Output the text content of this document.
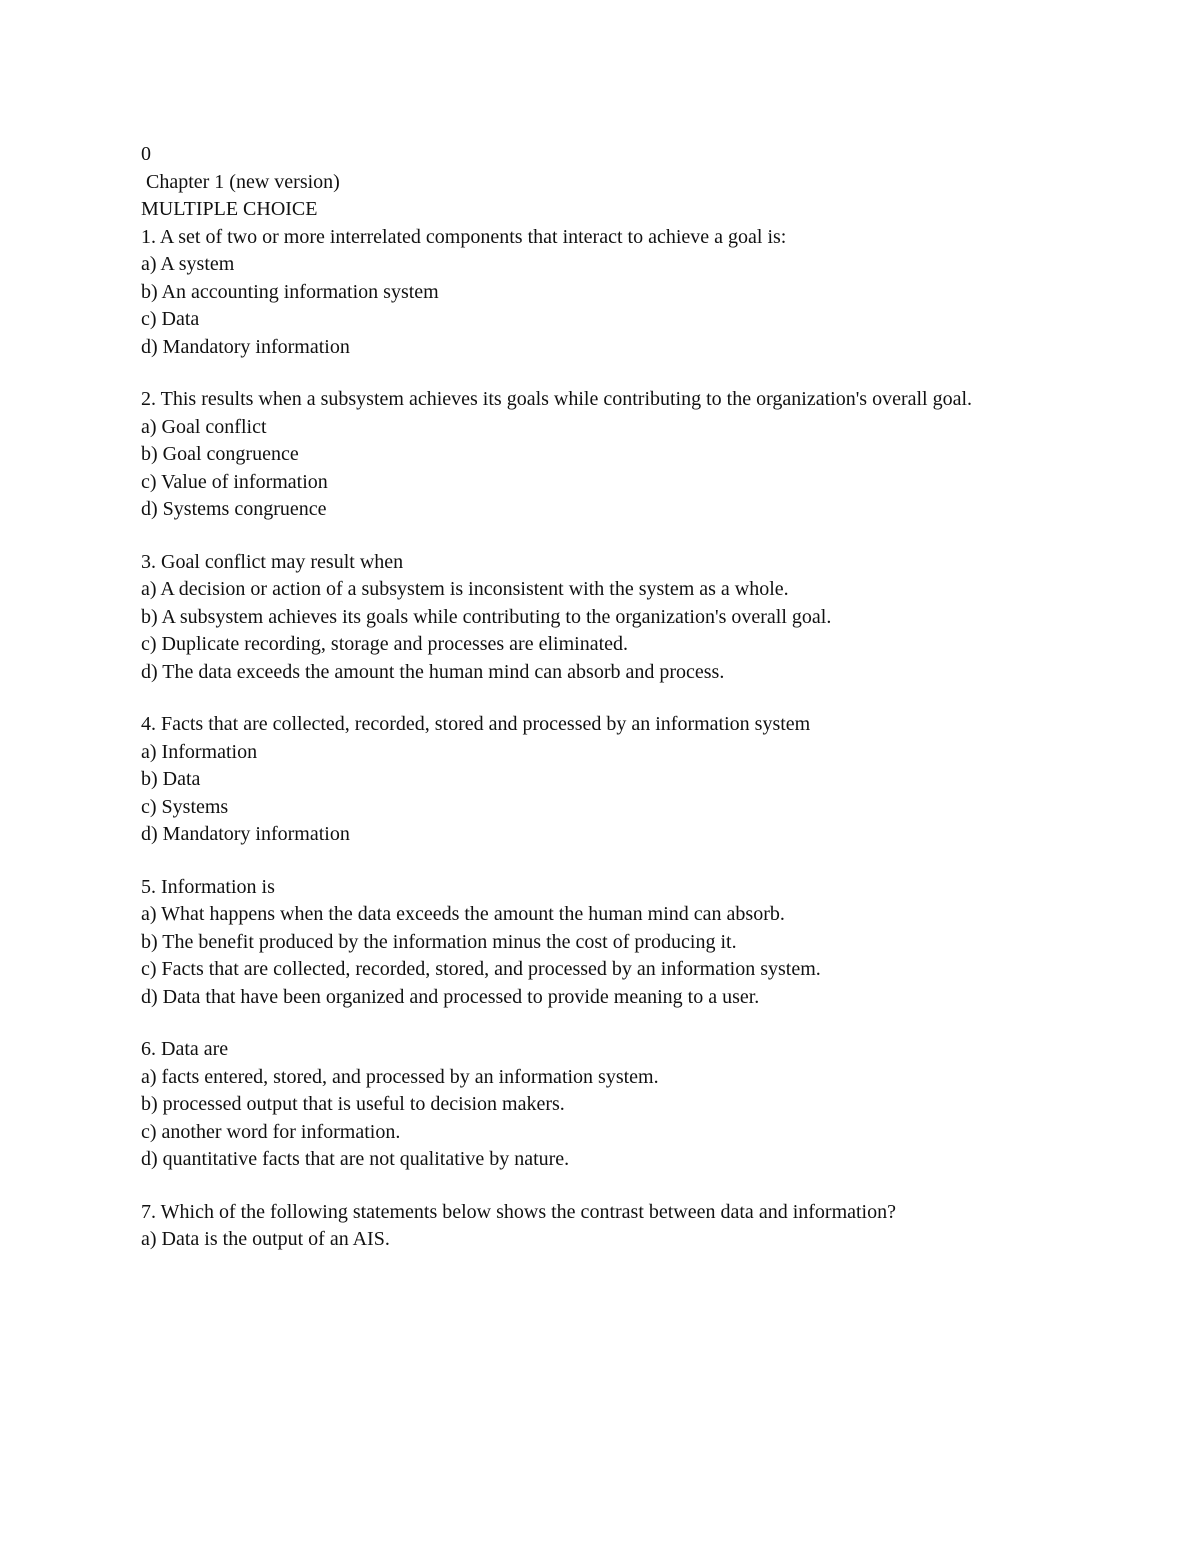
0
Chapter 1 (new version)
MULTIPLE CHOICE
1. A set of two or more interrelated components that interact to achieve a goal is:
a) A system
b) An accounting information system
c) Data
d) Mandatory information
2. This results when a subsystem achieves its goals while contributing to the organization's overall goal.
a) Goal conflict
b) Goal congruence
c) Value of information
d) Systems congruence
3. Goal conflict may result when
a) A decision or action of a subsystem is inconsistent with the system as a whole.
b) A subsystem achieves its goals while contributing to the organization's overall goal.
c) Duplicate recording, storage and processes are eliminated.
d) The data exceeds the amount the human mind can absorb and process.
4. Facts that are collected, recorded, stored and processed by an information system
a) Information
b) Data
c) Systems
d) Mandatory information
5. Information is
a) What happens when the data exceeds the amount the human mind can absorb.
b) The benefit produced by the information minus the cost of producing it.
c) Facts that are collected, recorded, stored, and processed by an information system.
d) Data that have been organized and processed to provide meaning to a user.
6. Data are
a) facts entered, stored, and processed by an information system.
b) processed output that is useful to decision makers.
c) another word for information.
d) quantitative facts that are not qualitative by nature.
7. Which of the following statements below shows the contrast between data and information?
a) Data is the output of an AIS.
